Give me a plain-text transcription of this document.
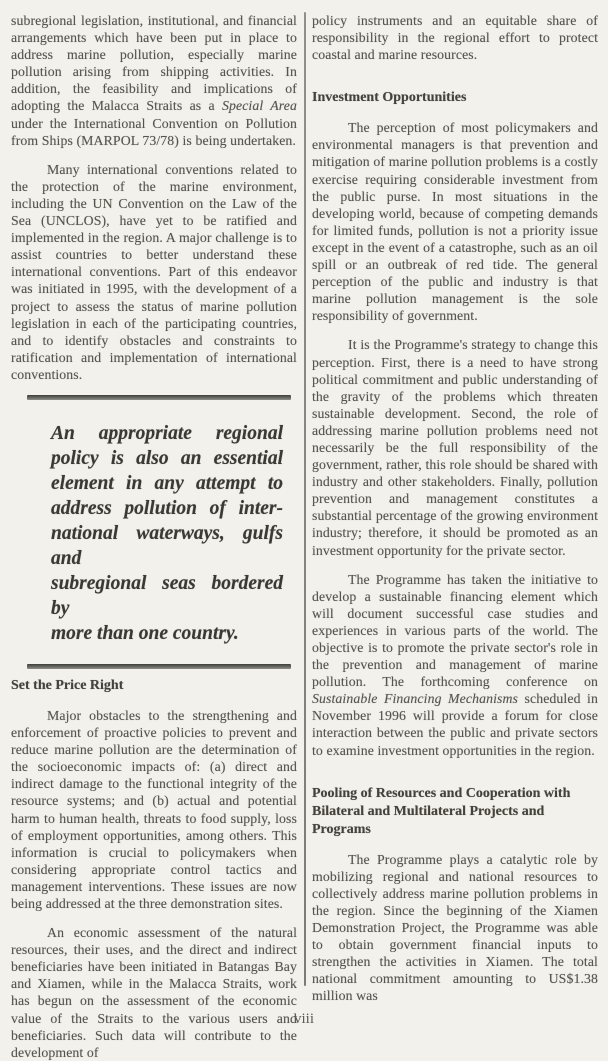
subregional legislation, institutional, and financial arrangements which have been put in place to address marine pollution, especially marine pollution arising from shipping activities. In addition, the feasibility and implications of adopting the Malacca Straits as a Special Area under the International Convention on Pollution from Ships (MARPOL 73/78) is being undertaken.

Many international conventions related to the protection of the marine environment, including the UN Convention on the Law of the Sea (UNCLOS), have yet to be ratified and implemented in the region. A major challenge is to assist countries to better understand these international conventions. Part of this endeavor was initiated in 1995, with the development of a project to assess the status of marine pollution legislation in each of the participating countries, and to identify obstacles and constraints to ratification and implementation of international conventions.

An appropriate regional
policy is also an essential
element in any attempt to
address pollution of inter-
national waterways, gulfs and
subregional seas bordered by
more than one country.
Set the Price Right

Major obstacles to the strengthening and enforcement of proactive policies to prevent and reduce marine pollution are the determination of the socioeconomic impacts of: (a) direct and indirect damage to the functional integrity of the resource systems; and (b) actual and potential harm to human health, threats to food supply, loss of employment opportunities, among others. This information is crucial to policymakers when considering appropriate control tactics and management interventions. These issues are now being addressed at the three demonstration sites.

An economic assessment of the natural resources, their uses, and the direct and indirect beneficiaries have been initiated in Batangas Bay and Xiamen, while in the Malacca Straits, work has begun on the assessment of the economic value of the Straits to the various users and beneficiaries. Such data will contribute to the development of

policy instruments and an equitable share of responsibility in the regional effort to protect coastal and marine resources.

Investment Opportunities

The perception of most policymakers and environmental managers is that prevention and mitigation of marine pollution problems is a costly exercise requiring considerable investment from the public purse. In most situations in the developing world, because of competing demands for limited funds, pollution is not a priority issue except in the event of a catastrophe, such as an oil spill or an outbreak of red tide. The general perception of the public and industry is that marine pollution management is the sole responsibility of government.

It is the Programme's strategy to change this perception. First, there is a need to have strong political commitment and public understanding of the gravity of the problems which threaten sustainable development. Second, the role of addressing marine pollution problems need not necessarily be the full responsibility of the government, rather, this role should be shared with industry and other stakeholders. Finally, pollution prevention and management constitutes a substantial percentage of the growing environment industry; therefore, it should be promoted as an investment opportunity for the private sector.

The Programme has taken the initiative to develop a sustainable financing element which will document successful case studies and experiences in various parts of the world. The objective is to promote the private sector's role in the prevention and management of marine pollution. The forthcoming conference on Sustainable Financing Mechanisms scheduled in November 1996 will provide a forum for close interaction between the public and private sectors to examine investment opportunities in the region.

Pooling of Resources and Cooperation with Bilateral and Multilateral Projects and Programs

The Programme plays a catalytic role by mobilizing regional and national resources to collectively address marine pollution problems in the region. Since the beginning of the Xiamen Demonstration Project, the Programme was able to obtain government financial inputs to strengthen the activities in Xiamen. The total national commitment amounting to US$1.38 million was

viii
